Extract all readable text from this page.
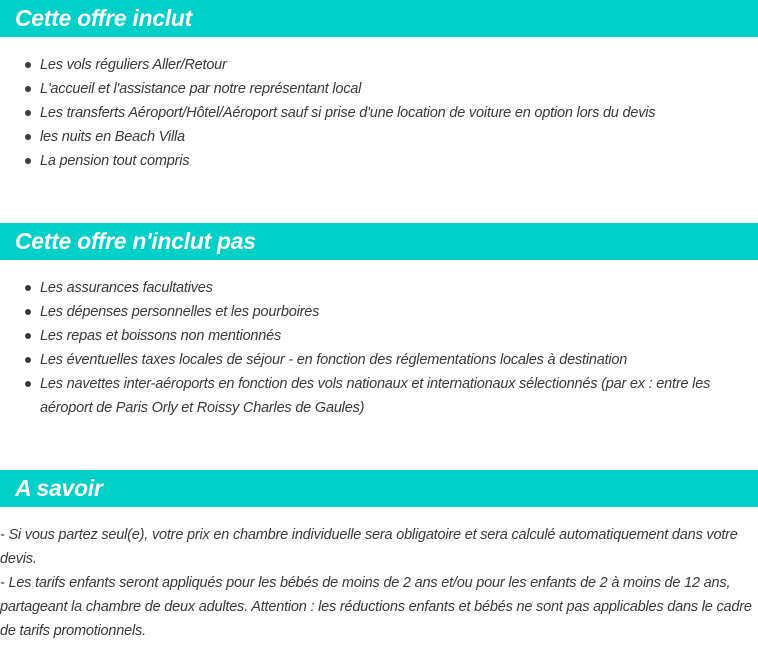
Cette offre inclut
Les vols réguliers Aller/Retour
L'accueil et l'assistance par notre représentant local
Les transferts Aéroport/Hôtel/Aéroport sauf si prise d'une location de voiture en option lors du devis
les nuits en Beach Villa
La pension tout compris
Cette offre n'inclut pas
Les assurances facultatives
Les dépenses personnelles et les pourboires
Les repas et boissons non mentionnés
Les éventuelles taxes locales de séjour - en fonction des réglementations locales à destination
Les navettes inter-aéroports en fonction des vols nationaux et internationaux sélectionnés (par ex : entre les aéroport de Paris Orly et Roissy Charles de Gaules)
A savoir

- Si vous partez seul(e), votre prix en chambre individuelle sera obligatoire et sera calculé automatiquement dans votre devis.

- Les tarifs enfants seront appliqués pour les bébés de moins de 2 ans et/ou pour les enfants de 2 à moins de 12 ans, partageant la chambre de deux adultes. Attention : les réductions enfants et bébés ne sont pas applicables dans le cadre de tarifs promotionnels.
